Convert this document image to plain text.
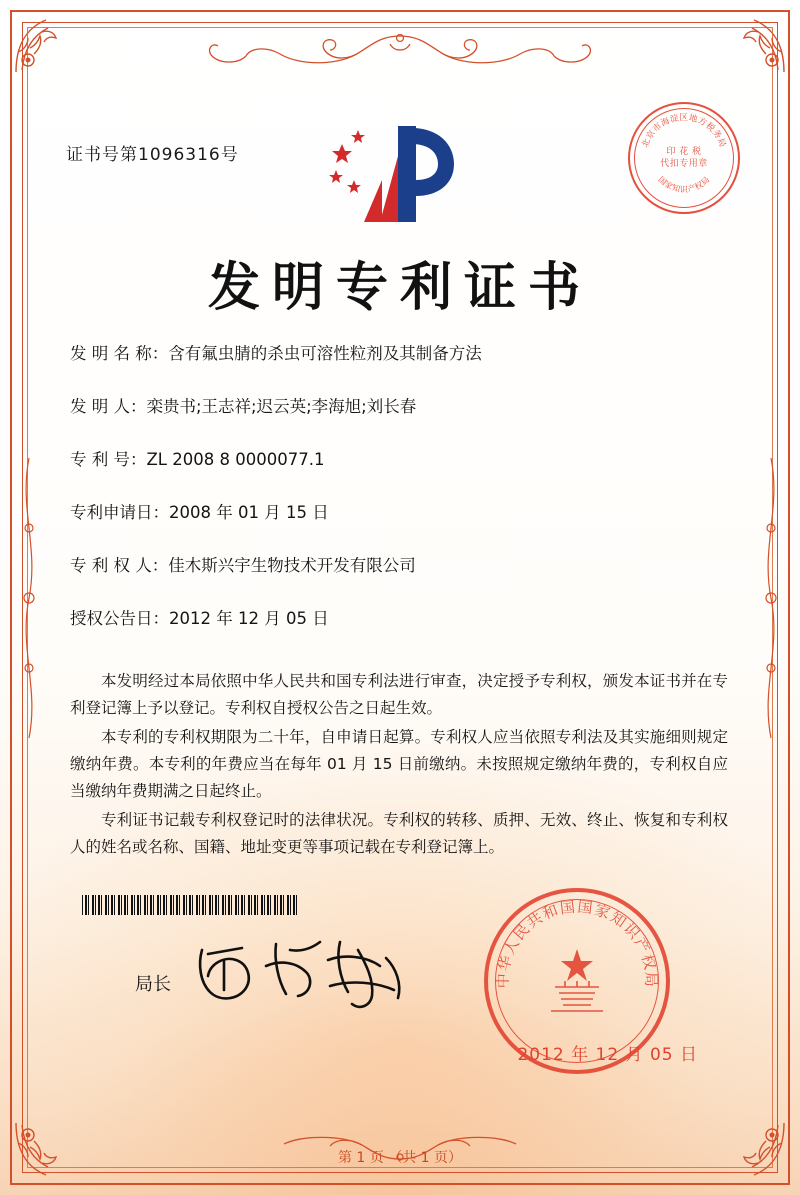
证书号第1096316号
北京市海淀区地方税务局
国家知识产权局
印 花 税
代扣专用章
发明专利证书
发 明 名 称：含有氟虫腈的杀虫可溶性粒剂及其制备方法
发 明 人：栾贵书;王志祥;迟云英;李海旭;刘长春
专 利 号：ZL 2008 8 0000077.1
专利申请日：2008 年 01 月 15 日
专 利 权 人：佳木斯兴宇生物技术开发有限公司
授权公告日：2012 年 12 月 05 日

本发明经过本局依照中华人民共和国专利法进行审查，决定授予专利权，颁发本证书并在专利登记簿上予以登记。专利权自授权公告之日起生效。

本专利的专利权期限为二十年，自申请日起算。专利权人应当依照专利法及其实施细则规定缴纳年费。本专利的年费应当在每年 01 月 15 日前缴纳。未按照规定缴纳年费的，专利权自应当缴纳年费期满之日起终止。

专利证书记载专利权登记时的法律状况。专利权的转移、质押、无效、终止、恢复和专利权人的姓名或名称、国籍、地址变更等事项记载在专利登记簿上。

局长	中华人民共和国国家知识产权局
2012 年 12 月 05 日
第 1 页 （共 1 页）
